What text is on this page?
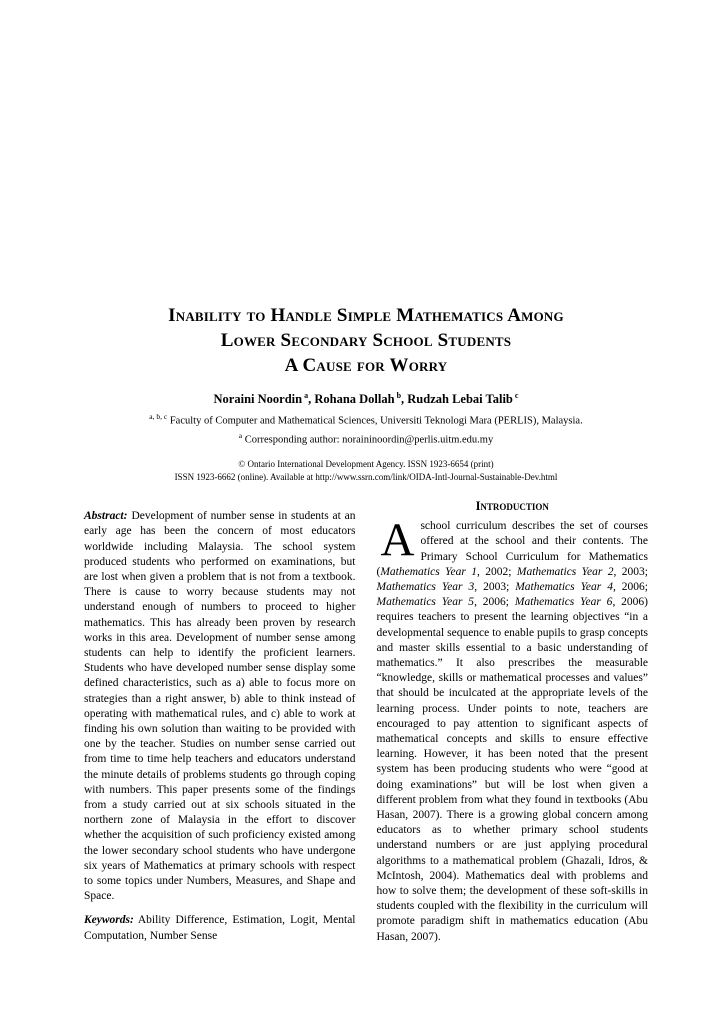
Inability to Handle Simple Mathematics Among
Lower Secondary School Students
A Cause for Worry
Noraini Noordin $^a$, Rohana Dollah $^b$, Rudzah Lebai Talib $^c$
$^{a, b, c}$ Faculty of Computer and Mathematical Sciences, Universiti Teknologi Mara (PERLIS), Malaysia.
$^a$ Corresponding author: noraininoordin@perlis.uitm.edu.my
© Ontario International Development Agency. ISSN 1923-6654 (print)
ISSN 1923-6662 (online). Available at http://www.ssrn.com/link/OIDA-Intl-Journal-Sustainable-Dev.html

Abstract: Development of number sense in students at an early age has been the concern of most educators worldwide including Malaysia. The school system produced students who performed on examinations, but are lost when given a problem that is not from a textbook. There is cause to worry because students may not understand enough of numbers to proceed to higher mathematics. This has already been proven by research works in this area. Development of number sense among students can help to identify the proficient learners. Students who have developed number sense display some defined characteristics, such as a) able to focus more on strategies than a right answer, b) able to think instead of operating with mathematical rules, and c) able to work at finding his own solution than waiting to be provided with one by the teacher. Studies on number sense carried out from time to time help teachers and educators understand the minute details of problems students go through coping with numbers. This paper presents some of the findings from a study carried out at six schools situated in the northern zone of Malaysia in the effort to discover whether the acquisition of such proficiency existed among the lower secondary school students who have undergone six years of Mathematics at primary schools with respect to some topics under Numbers, Measures, and Shape and Space.

Keywords: Ability Difference, Estimation, Logit, Mental Computation, Number Sense

Introduction

Aschool curriculum describes the set of courses offered at the school and their contents. The Primary School Curriculum for Mathematics (Mathematics Year 1, 2002; Mathematics Year 2, 2003; Mathematics Year 3, 2003; Mathematics Year 4, 2006; Mathematics Year 5, 2006; Mathematics Year 6, 2006) requires teachers to present the learning objectives “in a developmental sequence to enable pupils to grasp concepts and master skills essential to a basic understanding of mathematics.” It also prescribes the measurable “knowledge, skills or mathematical processes and values” that should be inculcated at the appropriate levels of the learning process. Under points to note, teachers are encouraged to pay attention to significant aspects of mathematical concepts and skills to ensure effective learning. However, it has been noted that the present system has been producing students who were “good at doing examinations” but will be lost when given a different problem from what they found in textbooks (Abu Hasan, 2007). There is a growing global concern among educators as to whether primary school students understand numbers or are just applying procedural algorithms to a mathematical problem (Ghazali, Idros, & McIntosh, 2004). Mathematics deal with problems and how to solve them; the development of these soft-skills in students coupled with the flexibility in the curriculum will promote paradigm shift in mathematics education (Abu Hasan, 2007).
